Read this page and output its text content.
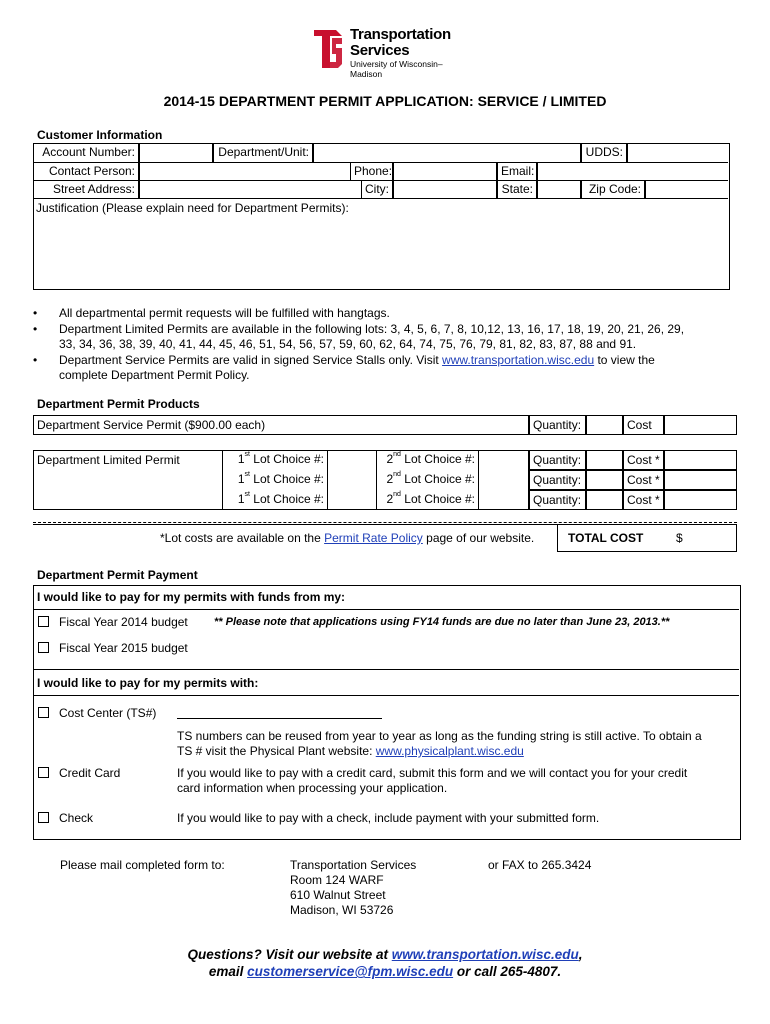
Transportation
Services
University of Wisconsin–Madison
2014-15 DEPARTMENT PERMIT APPLICATION: SERVICE / LIMITED
Customer Information
Account Number:	Department/Unit:	UDDS:
Contact Person:	Phone:	Email:
Street Address:	City:	State:	Zip Code:
Justification (Please explain need for Department Permits):
• All departmental permit requests will be fulfilled with hangtags.
• Department Limited Permits are available in the following lots: 3, 4, 5, 6, 7, 8, 10,12, 13, 16, 17, 18, 19, 20, 21, 26, 29,
33, 34, 36, 38, 39, 40, 41, 44, 45, 46, 51, 54, 56, 57, 59, 60, 62, 64, 74, 75, 76, 79, 81, 82, 83, 87, 88 and 91.
• Department Service Permits are valid in signed Service Stalls only. Visit www.transportation.wisc.edu to view the
complete Department Permit Policy.
Department Permit Products
Department Service Permit ($900.00 each)	Quantity:	Cost
Department Limited Permit	1st Lot Choice #:	2nd Lot Choice #:	Quantity:	Cost *
1st Lot Choice #:	2nd Lot Choice #:	Quantity:	Cost *
1st Lot Choice #:	2nd Lot Choice #:	Quantity:	Cost *
*Lot costs are available on the Permit Rate Policy page of our website.	TOTAL COST	$
Department Permit Payment
I would like to pay for my permits with funds from my:
Fiscal Year 2014 budget ** Please note that applications using FY14 funds are due no later than June 23, 2013.**
Fiscal Year 2015 budget
I would like to pay for my permits with:
Cost Center (TS#)
TS numbers can be reused from year to year as long as the funding string is still active. To obtain a
TS # visit the Physical Plant website: www.physicalplant.wisc.edu
Credit Card	If you would like to pay with a credit card, submit this form and we will contact you for your credit
card information when processing your application.
Check	If you would like to pay with a check, include payment with your submitted form.
Please mail completed form to:	Transportation Services
Room 124 WARF
610 Walnut Street
Madison, WI 53726
or FAX to 265.3424
Questions? Visit our website at www.transportation.wisc.edu,
email customerservice@fpm.wisc.edu or call 265-4807.
